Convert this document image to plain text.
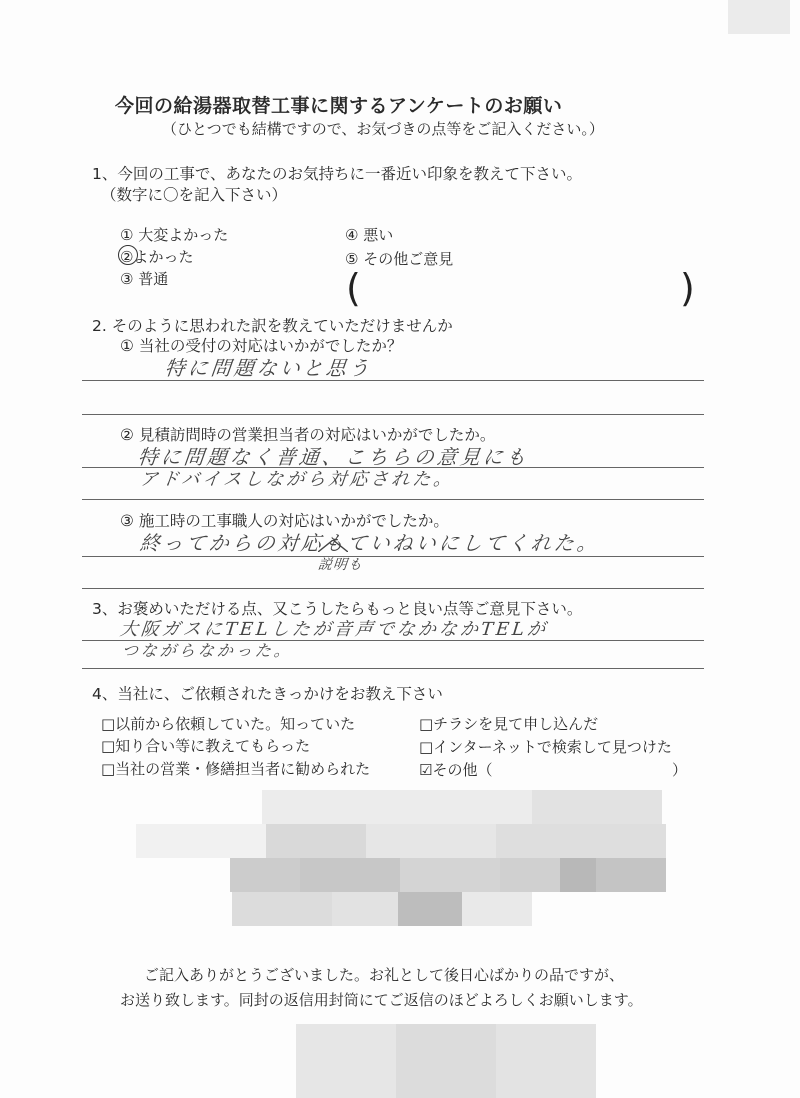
今回の給湯器取替工事に関するアンケートのお願い
（ひとつでも結構ですので、お気づきの点等をご記入ください。）
1、今回の工事で、あなたのお気持ちに一番近い印象を教えて下さい。
（数字に〇を記入下さい）
① 大変よかった
②よかった
③ 普通
④ 悪い
⑤ その他ご意見
(	)
2. そのように思われた訳を教えていただけませんか
① 当社の受付の対応はいかがでしたか？
特に問題ないと思う
② 見積訪問時の営業担当者の対応はいかがでしたか。
特に問題なく普通、こちらの意見にも
アドバイスしながら対応された。
③ 施工時の工事職人の対応はいかがでしたか。
終ってからの対応もていねいにしてくれた。
説明も
3、お褒めいただける点、又こうしたらもっと良い点等ご意見下さい。
大阪ガスにTELしたが音声でなかなかTELが
つながらなかった。
4、当社に、ご依頼されたきっかけをお教え下さい
□以前から依頼していた。知っていた
□知り合い等に教えてもらった
□当社の営業・修繕担当者に勧められた
□チラシを見て申し込んだ
□インターネットで検索して見つけた
☑その他（	）
ご記入ありがとうございました。お礼として後日心ばかりの品ですが、
お送り致します。同封の返信用封筒にてご返信のほどよろしくお願いします。
